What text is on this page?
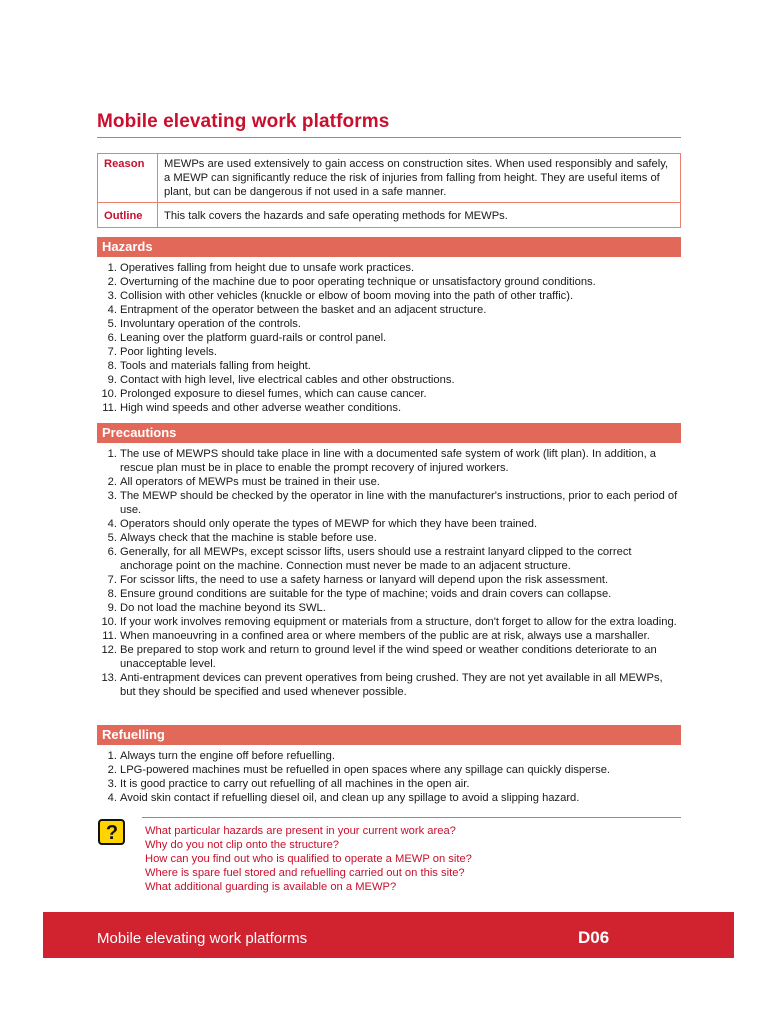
Mobile elevating work platforms
Reason	MEWPs are used extensively to gain access on construction sites. When used responsibly and safely, a MEWP can significantly reduce the risk of injuries from falling from height. They are useful items of plant, but can be dangerous if not used in a safe manner.
Outline	This talk covers the hazards and safe operating methods for MEWPs.
Hazards
1. Operatives falling from height due to unsafe work practices.
2. Overturning of the machine due to poor operating technique or unsatisfactory ground conditions.
3. Collision with other vehicles (knuckle or elbow of boom moving into the path of other traffic).
4. Entrapment of the operator between the basket and an adjacent structure.
5. Involuntary operation of the controls.
6. Leaning over the platform guard-rails or control panel.
7. Poor lighting levels.
8. Tools and materials falling from height.
9. Contact with high level, live electrical cables and other obstructions.
10. Prolonged exposure to diesel fumes, which can cause cancer.
11. High wind speeds and other adverse weather conditions.
Precautions
1. The use of MEWPS should take place in line with a documented safe system of work (lift plan). In addition, a rescue plan must be in place to enable the prompt recovery of injured workers.
2. All operators of MEWPs must be trained in their use.
3. The MEWP should be checked by the operator in line with the manufacturer's instructions, prior to each period of use.
4. Operators should only operate the types of MEWP for which they have been trained.
5. Always check that the machine is stable before use.
6. Generally, for all MEWPs, except scissor lifts, users should use a restraint lanyard clipped to the correct anchorage point on the machine. Connection must never be made to an adjacent structure.
7. For scissor lifts, the need to use a safety harness or lanyard will depend upon the risk assessment.
8. Ensure ground conditions are suitable for the type of machine; voids and drain covers can collapse.
9. Do not load the machine beyond its SWL.
10. If your work involves removing equipment or materials from a structure, don't forget to allow for the extra loading.
11. When manoeuvring in a confined area or where members of the public are at risk, always use a marshaller.
12. Be prepared to stop work and return to ground level if the wind speed or weather conditions deteriorate to an unacceptable level.
13. Anti-entrapment devices can prevent operatives from being crushed. They are not yet available in all MEWPs, but they should be specified and used whenever possible.
Refuelling
1. Always turn the engine off before refuelling.
2. LPG-powered machines must be refuelled in open spaces where any spillage can quickly disperse.
3. It is good practice to carry out refuelling of all machines in the open air.
4. Avoid skin contact if refuelling diesel oil, and clean up any spillage to avoid a slipping hazard.
? What particular hazards are present in your current work area?
Why do you not clip onto the structure?
How can you find out who is qualified to operate a MEWP on site?
Where is spare fuel stored and refuelling carried out on this site?
What additional guarding is available on a MEWP?
Mobile elevating work platforms	D06
